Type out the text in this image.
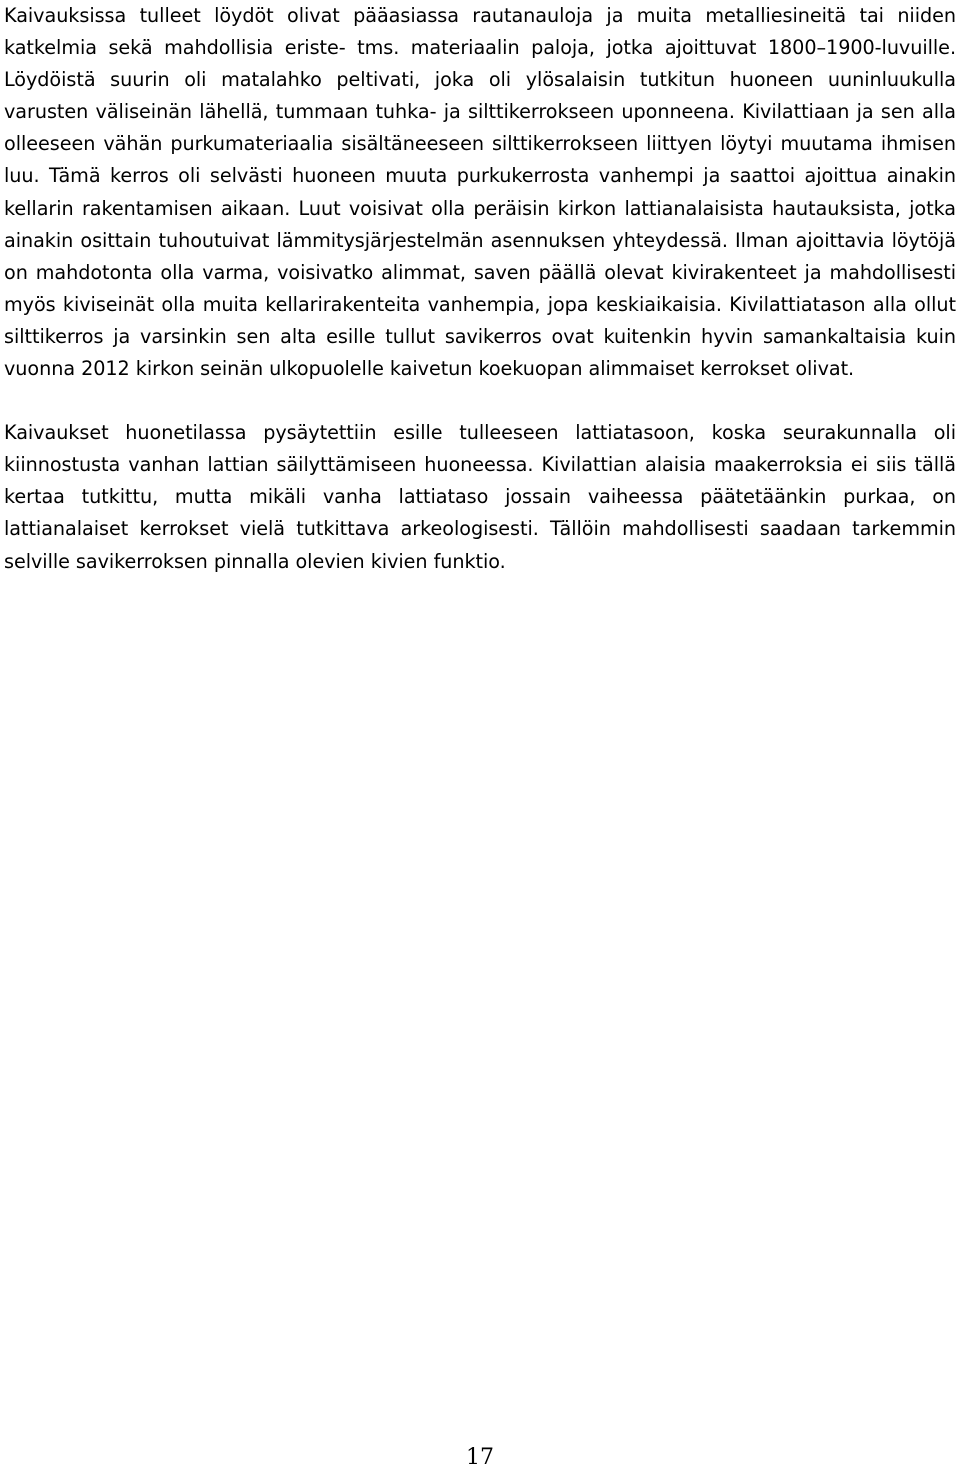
Kaivauksissa tulleet löydöt olivat pääasiassa rautanauloja ja muita metalliesineitä tai niiden katkelmia sekä mahdollisia eriste- tms. materiaalin paloja, jotka ajoittuvat 1800–1900-luvuille. Löydöistä suurin oli matalahko peltivati, joka oli ylösalaisin tutkitun huoneen uuninluukulla varusten väliseinän lähellä, tummaan tuhka- ja silttikerrokseen uponneena. Kivilattiaan ja sen alla olleeseen vähän purkumateriaalia sisältäneeseen silttikerrokseen liittyen löytyi muutama ihmisen luu. Tämä kerros oli selvästi huoneen muuta purkukerrosta vanhempi ja saattoi ajoittua ainakin kellarin rakentamisen aikaan. Luut voisivat olla peräisin kirkon lattianalaisista hautauksista, jotka ainakin osittain tuhoutuivat lämmitysjärjestelmän asennuksen yhteydessä. Ilman ajoittavia löytöjä on mahdotonta olla varma, voisivatko alimmat, saven päällä olevat kivirakenteet ja mahdollisesti myös kiviseinät olla muita kellarirakenteita vanhempia, jopa keskiaikaisia. Kivilattiatason alla ollut silttikerros ja varsinkin sen alta esille tullut savikerros ovat kuitenkin hyvin samankaltaisia kuin vuonna 2012 kirkon seinän ulkopuolelle kaivetun koekuopan alimmaiset kerrokset olivat.

Kaivaukset huonetilassa pysäytettiin esille tulleeseen lattiatasoon, koska seurakunnalla oli kiinnostusta vanhan lattian säilyttämiseen huoneessa. Kivilattian alaisia maakerroksia ei siis tällä kertaa tutkittu, mutta mikäli vanha lattiataso jossain vaiheessa päätetäänkin purkaa, on lattianalaiset kerrokset vielä tutkittava arkeologisesti. Tällöin mahdollisesti saadaan tarkemmin selville savikerroksen pinnalla olevien kivien funktio.

17
